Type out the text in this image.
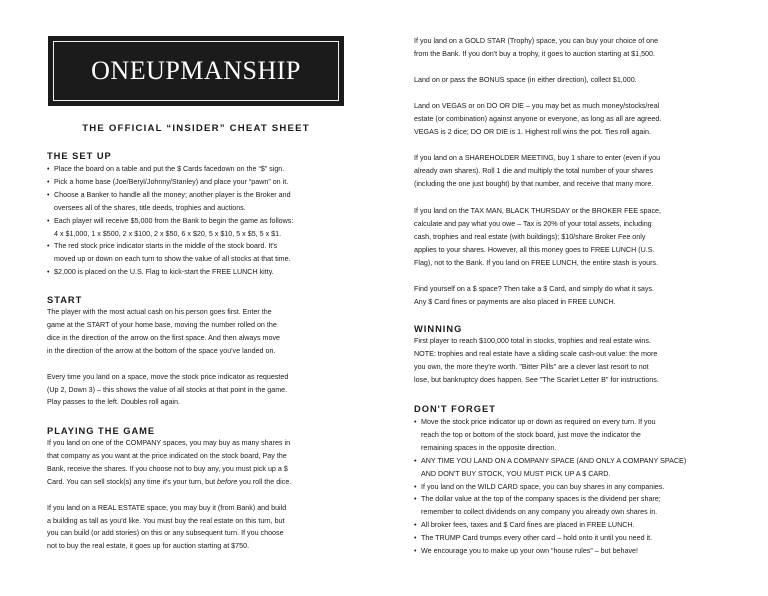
ONEUPMANSHIP
THE OFFICIAL “INSIDER” CHEAT SHEET
THE SET UP
• Place the board on a table and put the $ Cards facedown on the “$” sign.
• Pick a home base (Joe/Beryl/Johnny/Stanley) and place your “pawn” on it.
• Choose a Banker to handle all the money; another player is the Broker and
oversees all of the shares, title deeds, trophies and auctions.
• Each player will receive $5,000 from the Bank to begin the game as follows:
4 x $1,000, 1 x $500, 2 x $100, 2 x $50, 6 x $20, 5 x $10, 5 x $5, 5 x $1.
• The red stock price indicator starts in the middle of the stock board. It's
moved up or down on each turn to show the value of all stocks at that time.
• $2,000 is placed on the U.S. Flag to kick-start the FREE LUNCH kitty.
START

The player with the most actual cash on his person goes first. Enter the
game at the START of your home base, moving the number rolled on the
dice in the direction of the arrow on the first space. And then always move
in the direction of the arrow at the bottom of the space you've landed on.

Every time you land on a space, move the stock price indicator as requested
(Up 2, Down 3) – this shows the value of all stocks at that point in the game.
Play passes to the left. Doubles roll again.

PLAYING THE GAME

If you land on one of the COMPANY spaces, you may buy as many shares in
that company as you want at the price indicated on the stock board, Pay the
Bank, receive the shares. If you choose not to buy any, you must pick up a $
Card. You can sell stock(s) any time it's your turn, but before you roll the dice.

If you land on a REAL ESTATE space, you may buy it (from Bank) and build
a building as tall as you'd like. You must buy the real estate on this turn, but
you can build (or add stories) on this or any subsequent turn. If you choose
not to buy the real estate, it goes up for auction starting at $750.

If you land on a GOLD STAR (Trophy) space, you can buy your choice of one
from the Bank. If you don't buy a trophy, it goes to auction starting at $1,500.

Land on or pass the BONUS space (in either direction), collect $1,000.

Land on VEGAS or on DO OR DIE – you may bet as much money/stocks/real
estate (or combination) against anyone or everyone, as long as all are agreed.
VEGAS is 2 dice; DO OR DIE is 1. Highest roll wins the pot. Ties roll again.

If you land on a SHAREHOLDER MEETING, buy 1 share to enter (even if you
already own shares). Roll 1 die and multiply the total number of your shares
(including the one just bought) by that number, and receive that many more.

If you land on the TAX MAN, BLACK THURSDAY or the BROKER FEE space,
calculate and pay what you owe – Tax is 20% of your total assets, including
cash, trophies and real estate (with buildings); $10/share Broker Fee only
applies to your shares. However, all this money goes to FREE LUNCH (U.S.
Flag), not to the Bank. If you land on FREE LUNCH, the entire stash is yours.

Find yourself on a $ space? Then take a $ Card, and simply do what it says.
Any $ Card fines or payments are also placed in FREE LUNCH.

WINNING

First player to reach $100,000 total in stocks, trophies and real estate wins.
NOTE: trophies and real estate have a sliding scale cash-out value: the more
you own, the more they're worth. "Bitter Pills" are a clever last resort to not
lose, but bankruptcy does happen. See "The Scarlet Letter B" for instructions.

DON'T FORGET
• Move the stock price indicator up or down as required on every turn. If you
reach the top or bottom of the stock board, just move the indicator the
remaining spaces in the opposite direction.
• ANY TIME YOU LAND ON A COMPANY SPACE (AND ONLY A COMPANY SPACE)
AND DON'T BUY STOCK, YOU MUST PICK UP A $ CARD.
• If you land on the WILD CARD space, you can buy shares in any companies.
• The dollar value at the top of the company spaces is the dividend per share;
remember to collect dividends on any company you already own shares in.
• All broker fees, taxes and $ Card fines are placed in FREE LUNCH.
• The TRUMP Card trumps every other card – hold onto it until you need it.
• We encourage you to make up your own “house rules” – but behave!
